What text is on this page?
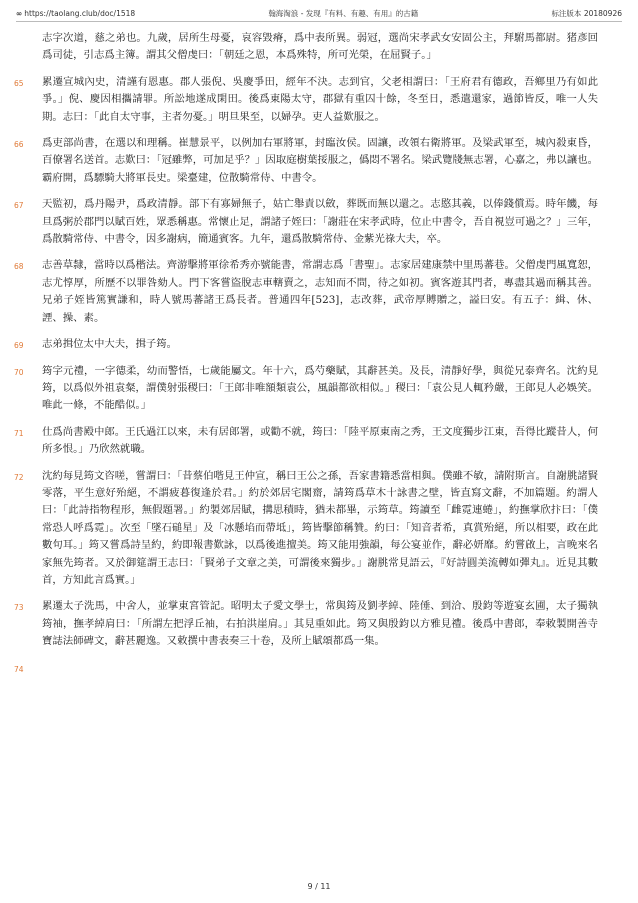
∞ https://taolang.club/doc/1518	翰海淘浪 - 发现『有料、有趣、有用』的古籍	标注版本 20180926
志字次道，慈之弟也。九歲，居所生母憂，哀容毀瘠，爲中表所異。弱冠，選尚宋孝武女安固公主，拜駙馬都尉。猪彥回爲司徒，引志爲主簿。謂其父僧虔曰：「朝廷之恩，本爲殊特，所可光榮，在屈賢子。」
65 累遷宣城內史，清謹有恩惠。郡人張倪、吳慶爭田，經年不決。志到官，父老相謂曰：「王府君有德政，吾鄉里乃有如此爭。」倪、慶因相攜請罪。所訟地遂成閑田。後爲東陽太守，郡獄有重囚十餘，冬至日，悉遣還家，過節皆反，唯一人失期。志曰：「此自太守事，主者勿憂。」明旦果至，以婦孕。吏人益歎服之。
66 爲吏部尚書，在選以和理稱。崔慧景平，以例加右軍將軍，封臨汝侯。固讓，改領右衛將軍。及梁武軍至，城內殺東昏，百僚署名送首。志歎曰：「冠雖弊，可加足乎？」因取庭樹葉挼服之，僞悶不署名。梁武覽牋無志署，心嘉之，弗以讓也。霸府開，爲驃騎大將軍長史。梁臺建，位散騎常侍、中書令。
67 天監初，爲丹陽尹，爲政清靜。部下有寡婦無子，姑亡舉責以斂，葬既而無以還之。志愍其義，以俸錢償焉。時年饑，每旦爲粥於郡門以賦百姓，眾悉稱惠。常懷止足，謂諸子姪曰：「謝莊在宋孝武時，位止中書令，吾自視豈可過之？」三年，爲散騎常侍、中書令，因多謝病，簡通賓客。九年，還爲散騎常侍、金紫光祿大夫，卒。
68 志善草隸，當時以爲楷法。齊游擊將軍徐希秀亦號能書，常謂志爲「書聖」。志家居建康禁中里馬蕃巷。父僧虔門風寬恕，志尤惇厚，所歷不以罪咎劾人。門下客嘗盜脫志車轄賣之，志知而不問，待之如初。賓客遊其門者，專盡其過而稱其善。兄弟子姪皆篤實謙和，時人號馬蕃諸王爲長者。普通四年[523]，志改葬，武帝厚賻贈之，謚曰安。有五子：緝、休、諲、操、素。
69 志弟揖位太中大夫，揖子筠。
70 筠字元禮，一字德柔，幼而警悟，七歲能屬文。年十六，爲芍藥賦，其辭甚美。及長，清靜好學，與從兄泰齊名。沈約見筠，以爲似外祖袁粲，謂僕射張稷曰：「王郎非唯額類袁公，風韻都欲相似。」稷曰：「袁公見人輒矜嚴，王郎見人必娛笑。唯此一條，不能酷似。」
71 仕爲尚書殿中郎。王氏過江以來，未有居郎署，或勸不就，筠曰：「陸平原東南之秀，王文度獨步江東，吾得比蹤昔人，何所多恨。」乃欣然就職。
72 沈約每見筠文咨嗟，嘗謂曰：「昔蔡伯喈見王仲宣，稱曰王公之孫，吾家書籍悉當相與。僕雖不敏，請附斯言。自謝朓諸賢零落，平生意好殆絕，不謂疲暮復逢於君。」約於郊居宅閣齋，請筠爲草木十詠書之壁，皆直寫文辭，不加篇題。約謂人曰：「此詩指物程形，無假題署。」約製郊居賦，搆思積時，猶未都畢，示筠草。筠讀至「雌霓連蜷」，約撫掌欣抃曰：「僕常恐人呼爲霓」。次至「墜石磓星」及「冰懸埳而帶坻」，筠皆擊節稱贊。約曰：「知音者希，真賞殆絕，所以相要，政在此數句耳。」筠又嘗爲詩呈約，約即報書歎詠，以爲後進擅美。筠又能用強韻，每公宴並作，辭必妍靡。約嘗啟上，言晚來名家無先筠者。又於御筵謂王志曰：「賢弟子文章之美，可謂後來獨步。」謝朓常見語云，『好詩圓美流轉如彈丸』。近見其數首，方知此言爲實。」
73 累遷太子洗馬，中舍人，並掌東宮管記。昭明太子愛文學士，常與筠及劉孝綽、陸倕、到洽、殷鈞等遊宴玄圃，太子獨執筠袖，撫孝綽肩曰：「所謂左把浮丘袖，右拍洪崖肩。」其見重如此。筠又與殷鈞以方雅見禮。後爲中書郎，奉敕製開善寺寶誌法師碑文，辭甚麗逸。又敕撰中書表奏三十卷，及所上賦頌都爲一集。
74
9 / 11
